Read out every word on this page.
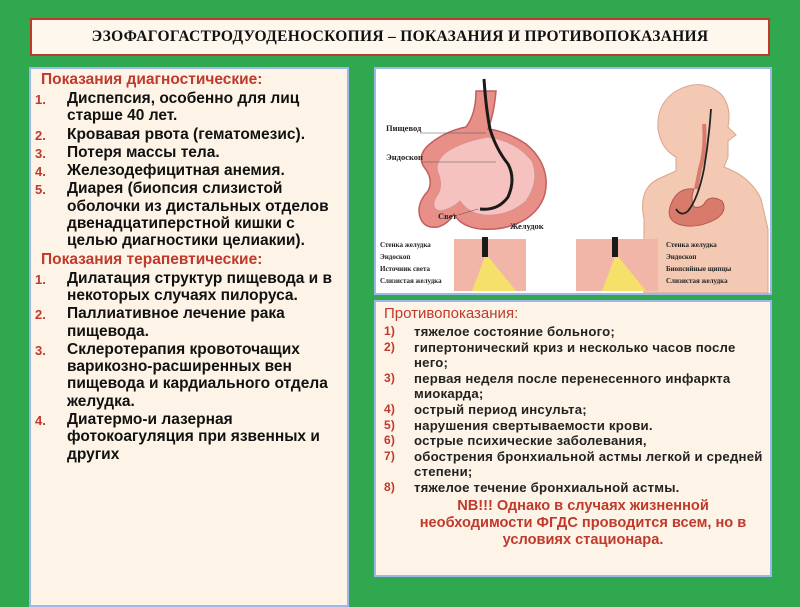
ЭЗОФАГОГАСТРОДУОДЕНОСКОПИЯ – ПОКАЗАНИЯ И ПРОТИВОПОКАЗАНИЯ
Показания диагностические:
1. Диспепсия, особенно для лиц старше 40 лет.
2. Кровавая рвота (гематомезис).
3. Потеря массы тела.
4. Железодефицитная анемия.
5. Диарея (биопсия слизистой оболочки из дистальных отделов двенадцатиперстной кишки с целью диагностики целиакии).
Показания терапевтические:
1. Дилатация структур пищевода и в некоторых случаях пилоруса.
2. Паллиативное лечение рака пищевода.
3. Склеротерапия кровоточащих варикозно-расширенных вен пищевода и кардиального отдела желудка.
4. Диатермо-и лазерная фотокоагуляция при язвенных и других
Пищевод
Эндоскоп
Свет
Желудок
Стенка желудка
Эндоскоп
Источник света
Слизистая желудка
Стенка желудка
Эндоскоп
Биопсийные щипцы
Слизистая желудка
Противопоказания:
1) тяжелое состояние больного;
2) гипертонический криз и несколько часов после него;
3) первая неделя после перенесенного инфаркта миокарда;
4) острый период инсульта;
5) нарушения свертываемости крови.
6) острые психические заболевания,
7) обострения бронхиальной астмы легкой и средней степени;
8) тяжелое течение бронхиальной астмы.
NB!!! Однако в случаях жизненной необходимости ФГДС проводится всем, но в условиях стационара.
